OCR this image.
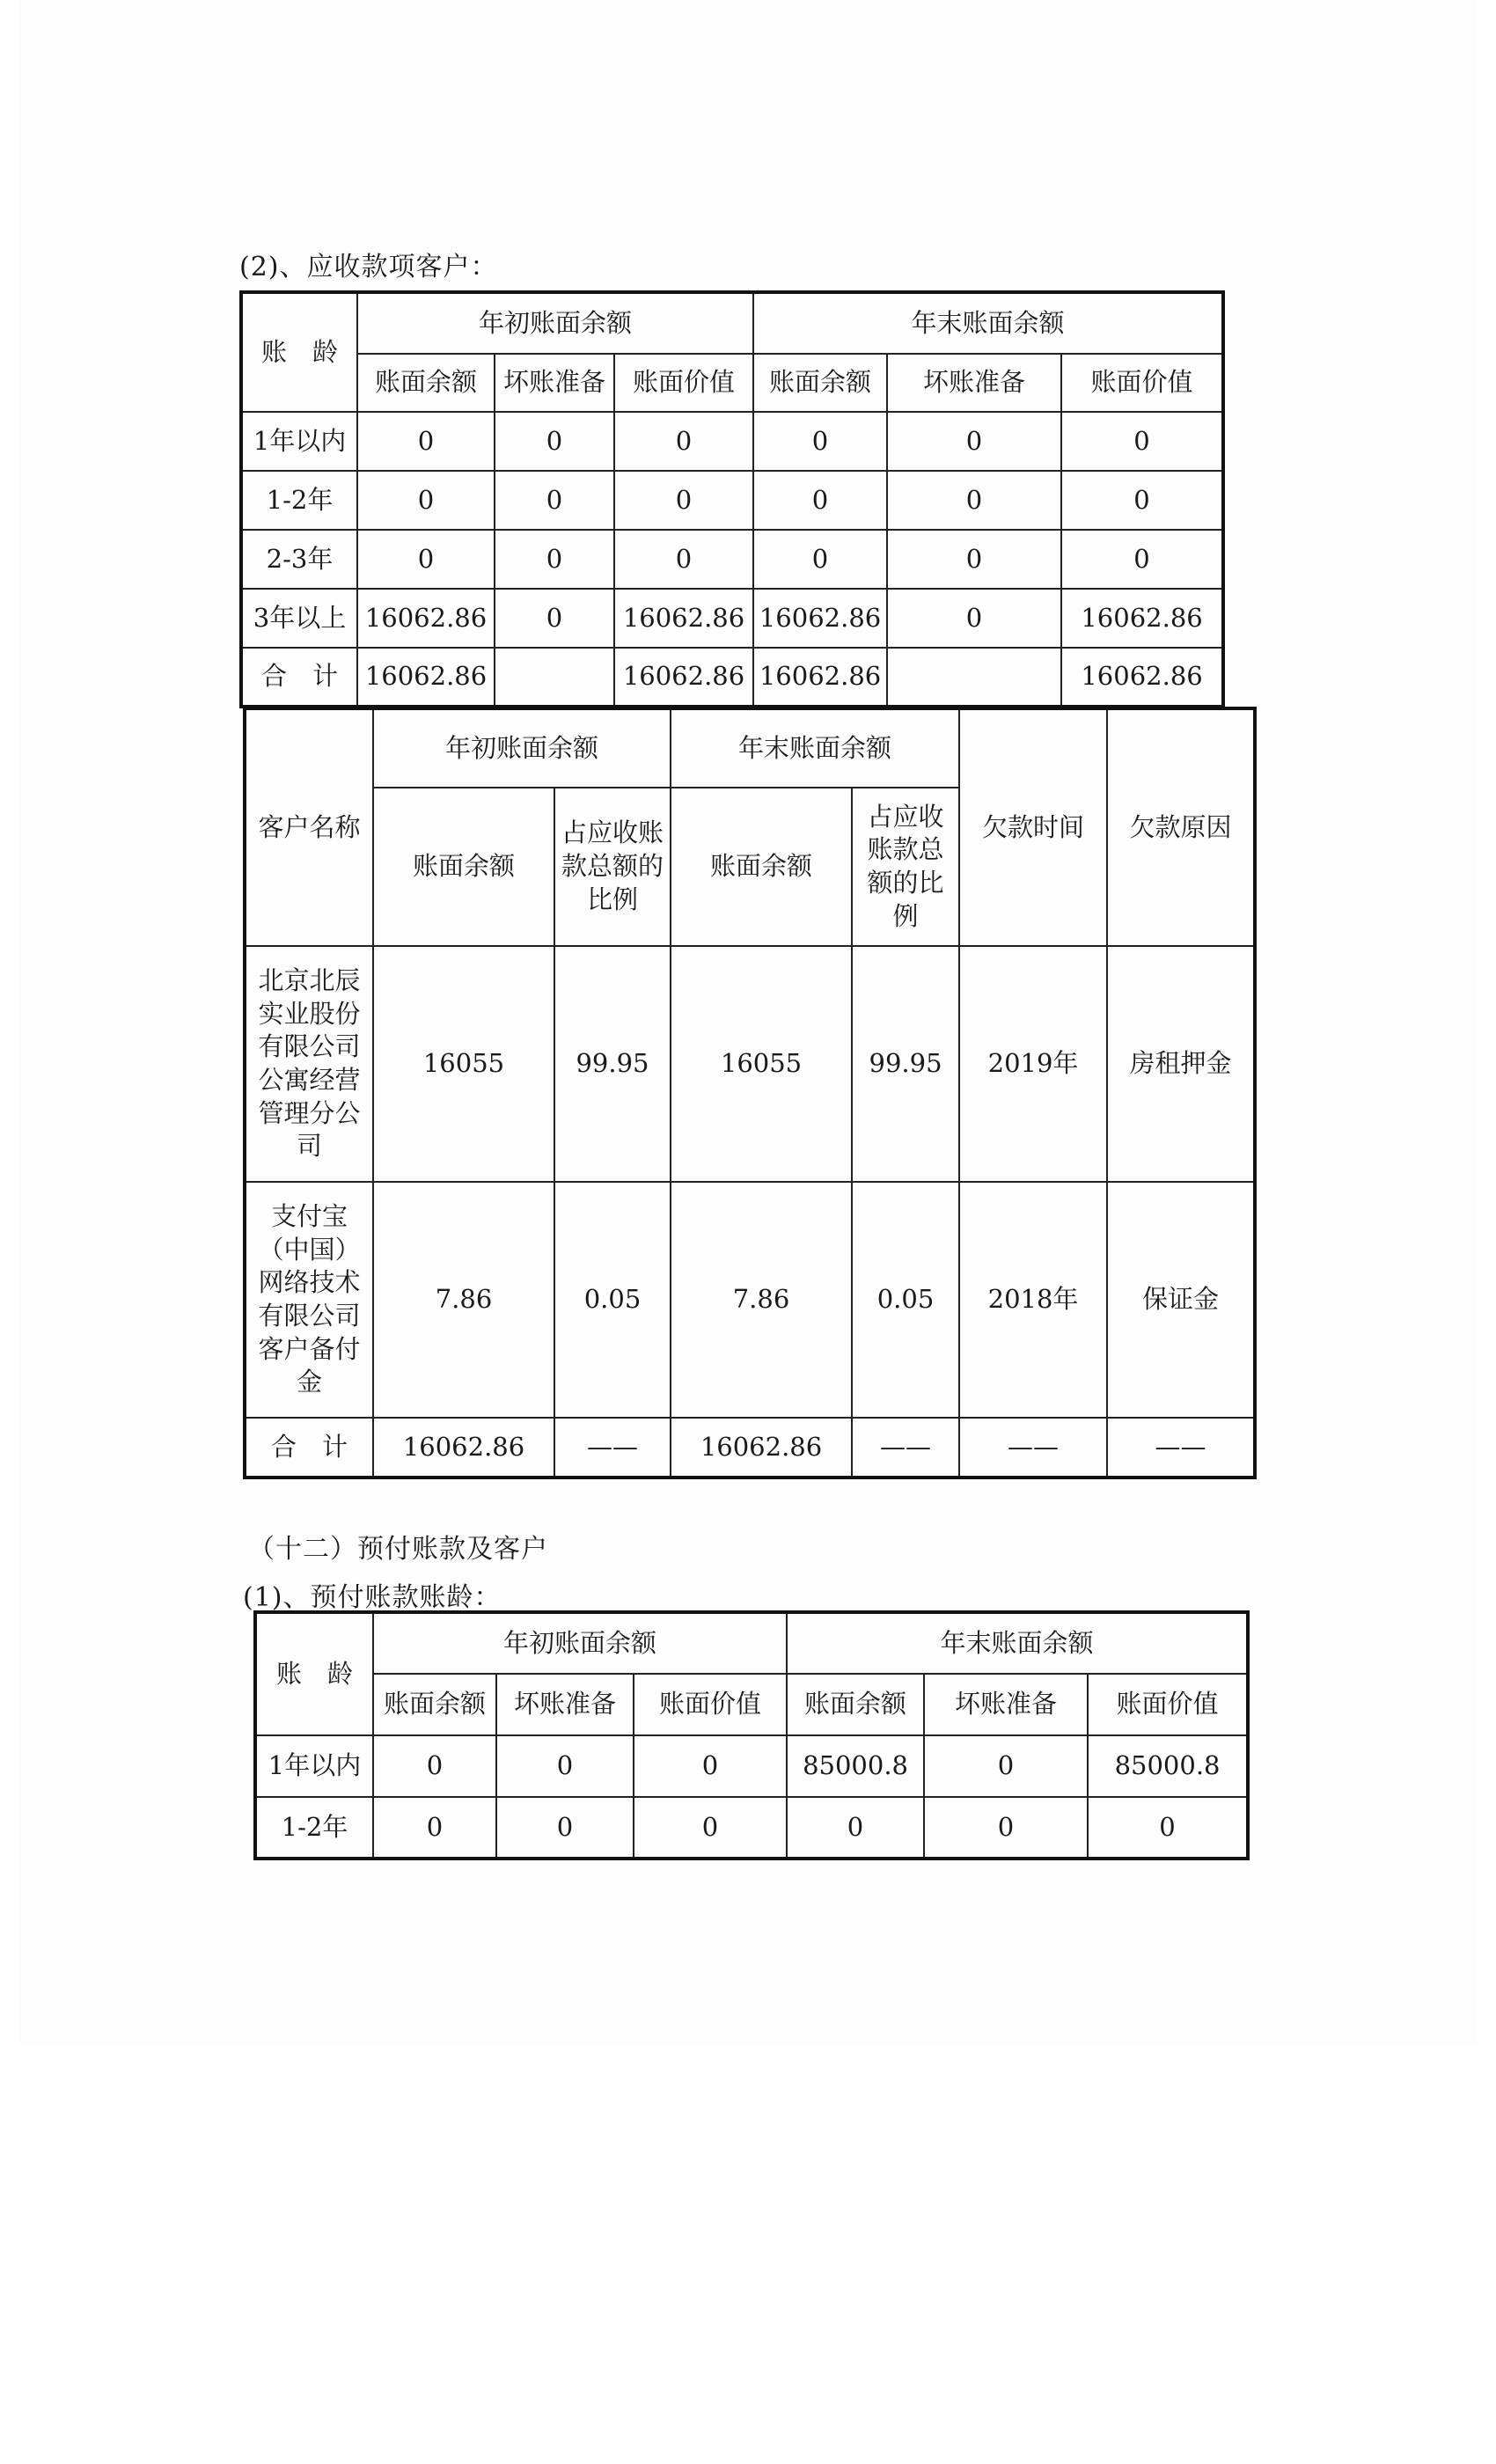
(2)、应收款项客户：
账　龄	年初账面余额			年末账面余额		
	账面余额	坏账准备	账面价值	账面余额	坏账准备	账面价值
1年以内	0	0	0	0	0	0
1-2年	0	0	0	0	0	0
2-3年	0	0	0	0	0	0
3年以上	16062.86	0	16062.86	16062.86	0	16062.86
合　计	16062.86		16062.86	16062.86		16062.86
客户名称	年初账面余额		年末账面余额		欠款时间	欠款原因
	账面余额	占应收账款总额的比例	账面余额	占应收账款总额的比例		
北京北辰实业股份有限公司公寓经营管理分公司	16055	99.95	16055	99.95	2019年	房租押金
支付宝（中国）网络技术有限公司客户备付金	7.86	0.05	7.86	0.05	2018年	保证金
合　计	16062.86	——	16062.86	——	——	——
（十二）预付账款及客户
(1)、预付账款账龄：
账　龄	年初账面余额			年末账面余额		
	账面余额	坏账准备	账面价值	账面余额	坏账准备	账面价值
1年以内	0	0	0	85000.8	0	85000.8
1-2年	0	0	0	0	0	0
